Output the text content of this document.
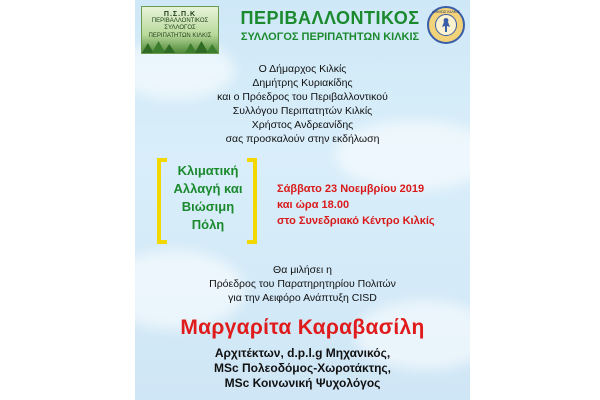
Π.Σ.Π.Κ
ΠΕΡΙΒΑΛΛΟΝΤΙΚΟΣ
ΣΥΛΛΟΓΟΣ
ΠΕΡΙΠΑΤΗΤΩΝ ΚΙΛΚΙΣ
ΠΕΡΙΒΑΛΛΟΝΤΙΚΟΣ
ΣΥΛΛΟΓΟΣ ΠΕΡΙΠΑΤΗΤΩΝ ΚΙΛΚΙΣ
ΔΗΜΟΣ ΚΙΛΚΙΣ
Ο Δήμαρχος Κιλκίς
Δημήτρης Κυριακίδης
και ο Πρόεδρος του Περιβαλλοντικού
Συλλόγου Περιπατητών Κιλκίς
Χρήστος Ανδρεανίδης
σας προσκαλούν στην εκδήλωση
Κλιματική
Αλλαγή και
Βιώσιμη
Πόλη
Σάββατο 23 Νοεμβρίου 2019
και ώρα 18.00
στο Συνεδριακό Κέντρο Κιλκίς
Θα μιλήσει η
Πρόεδρος του Παρατηρητηρίου Πολιτών
για την Αειφόρο Ανάπτυξη CISD
Μαργαρίτα Καραβασίλη
Αρχιτέκτων, d.p.l.g Μηχανικός,
MSc Πολεοδόμος-Χωροτάκτης,
MSc Κοινωνική Ψυχολόγος
